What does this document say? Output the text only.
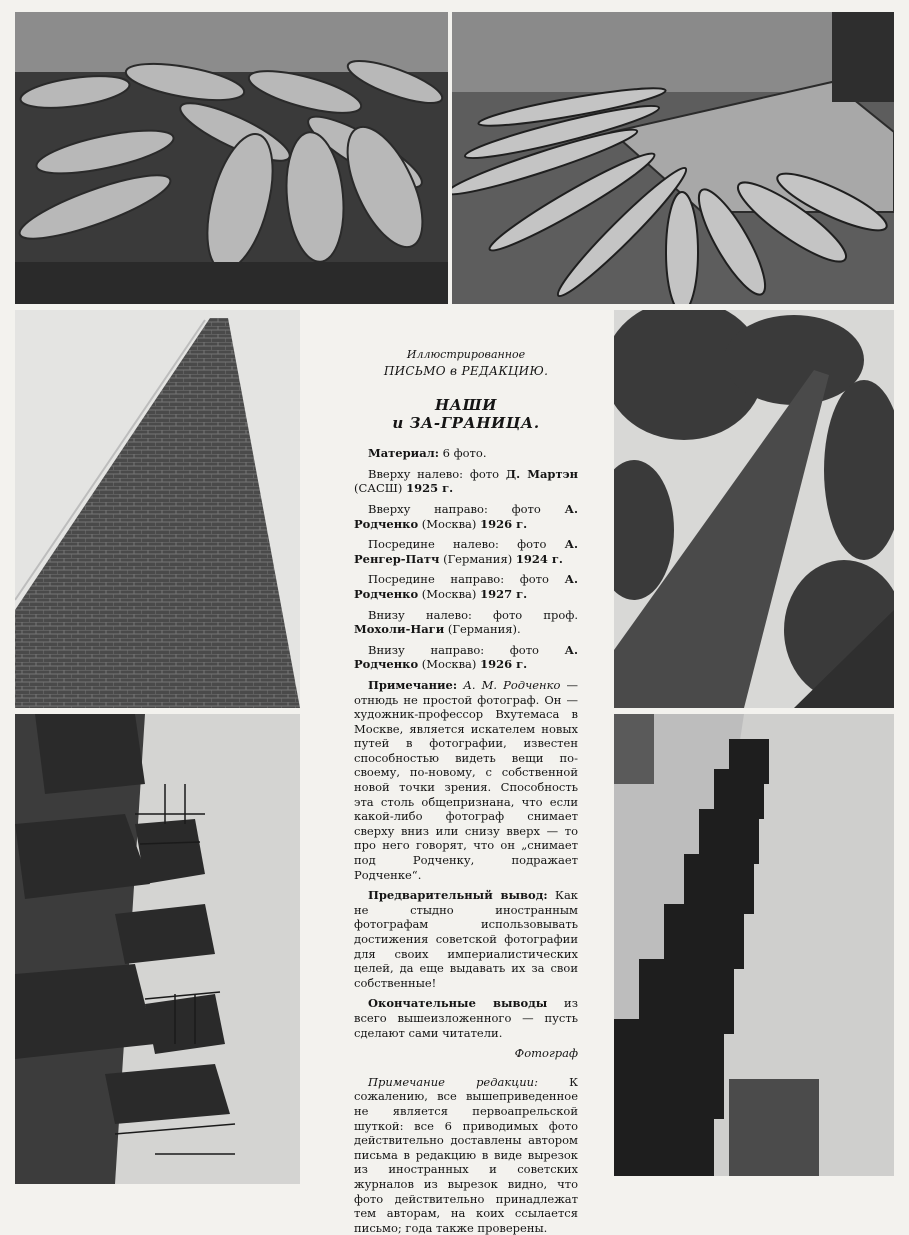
Иллюстрированное
ПИСЬМО в РЕДАКЦИЮ.
НАШИ
и ЗА-ГРАНИЦА.

Материал: 6 фото.

Вверху налево: фото Д. Мартэн (САСШ) 1925 г.

Вверху направо: фото А. Родченко (Москва) 1926 г.

Посредине налево: фото А. Ренгер-Патч (Германия) 1924 г.

Посредине направо: фото А. Родченко (Москва) 1927 г.

Внизу налево: фото проф. Мохоли-Наги (Германия).

Внизу направо: фото А. Родченко (Москва) 1926 г.

Примечание: А. М. Родченко — отнюдь не простой фотограф. Он — художник-профессор Вхутемаса в Москве, является искателем новых путей в фотографии, известен способностью видеть вещи по-своему, по-новому, с собственной новой точки зрения. Способность эта столь общепризнана, что если какой-либо фотограф снимает сверху вниз или снизу вверх — то про него говорят, что он „снимает под Родченку, подражает Родченке“.

Предварительный вывод: Как не стыдно иностранным фотографам использовывать достижения советской фотографии для своих империалистических целей, да еще выдавать их за свои собственные!

Окончательные выводы из всего вышеизложенного — пусть сделают сами читатели.

Фотограф

Примечание редакции: К сожалению, все вышеприведенное не является первоапрельской шуткой: все 6 приводимых фото действительно доставлены автором письма в редакцию в виде вырезок из иностранных и советских журналов из вырезок видно, что фото действительно принадлежат тем авторам, на коих ссылается письмо; года также проверены.
